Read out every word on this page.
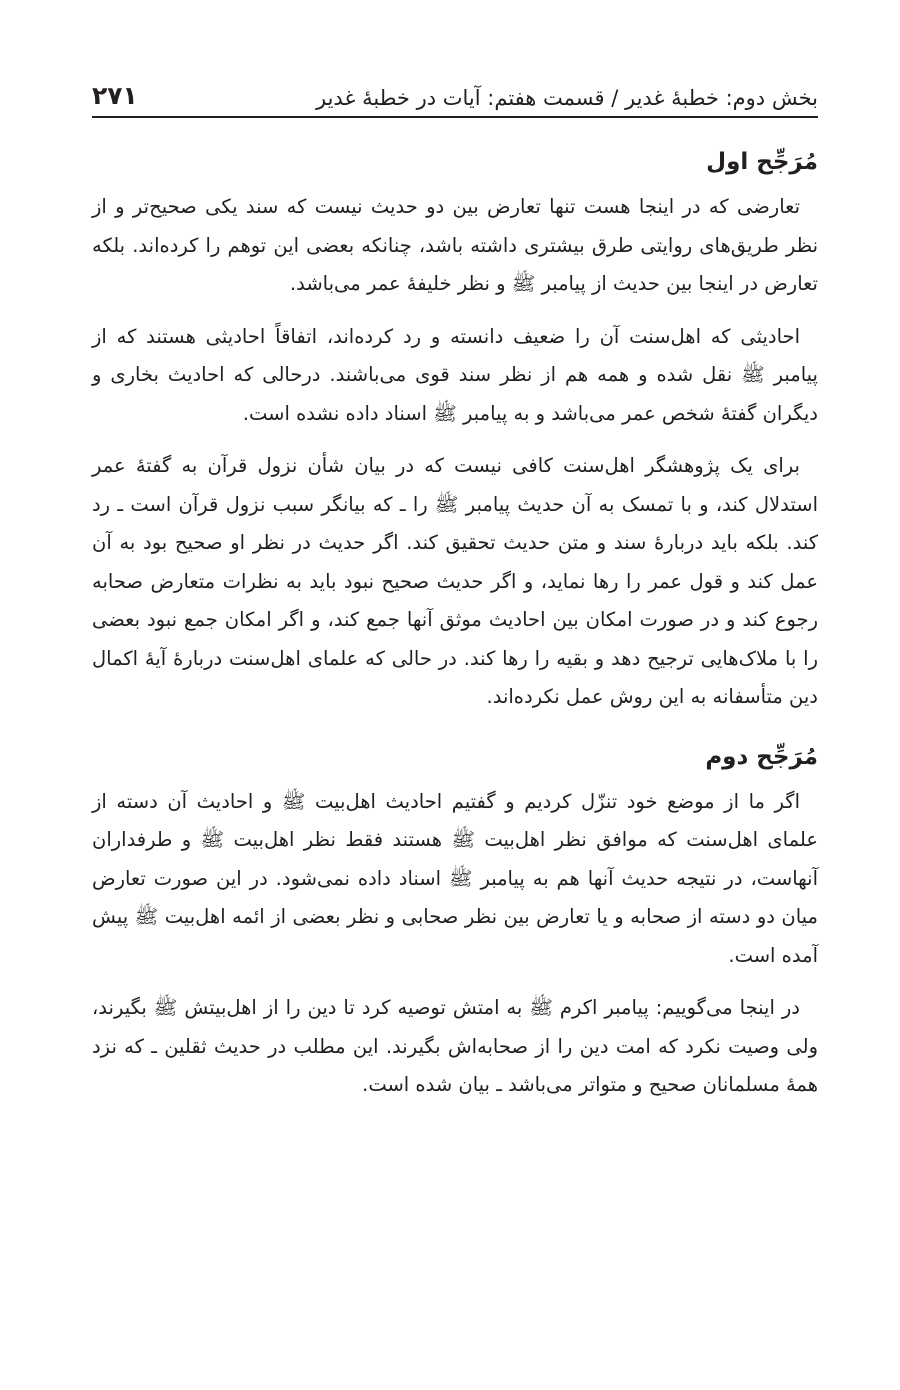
بخش دوم: خطبهٔ غدیر / قسمت هفتم: آیات در خطبهٔ غدیر
۲۷۱
مُرَجِّح اول

تعارضی که در اینجا هست تنها تعارض بین دو حدیث نیست که سند یکی صحیح‌تر و از نظر طریق‌های روایتی طرق بیشتری داشته باشد، چنانکه بعضی این توهم را کرده‌اند. بلکه تعارض در اینجا بین حدیث از پیامبر ﷺ و نظر خلیفهٔ عمر می‌باشد.

احادیثی که اهل‌سنت آن را ضعیف دانسته و رد کرده‌اند، اتفاقاً احادیثی هستند که از پیامبر ﷺ نقل شده و همه هم از نظر سند قوی می‌باشند. درحالی که احادیث بخاری و دیگران گفتهٔ شخص عمر می‌باشد و به پیامبر ﷺ اسناد داده نشده است.

برای یک پژوهشگر اهل‌سنت کافی نیست که در بیان شأن نزول قرآن به گفتهٔ عمر استدلال کند، و با تمسک به آن حدیث پیامبر ﷺ را ـ که بیانگر سبب نزول قرآن است ـ رد کند. بلکه باید دربارهٔ سند و متن حدیث تحقیق کند. اگر حدیث در نظر او صحیح بود به آن عمل کند و قول عمر را رها نماید، و اگر حدیث صحیح نبود باید به نظرات متعارض صحابه رجوع کند و در صورت امکان بین احادیث موثق آنها جمع کند، و اگر امکان جمع نبود بعضی را با ملاک‌هایی ترجیح دهد و بقیه را رها کند. در حالی که علمای اهل‌سنت دربارهٔ آیهٔ اکمال دین متأسفانه به این روش عمل نکرده‌اند.

مُرَجِّح دوم

اگر ما از موضع خود تنزّل کردیم و گفتیم احادیث اهل‌بیت ﷺ و احادیث آن دسته از علمای اهل‌سنت که موافق نظر اهل‌بیت ﷺ هستند فقط نظر اهل‌بیت ﷺ و طرفداران آنهاست، در نتیجه حدیث آنها هم به پیامبر ﷺ اسناد داده نمی‌شود. در این صورت تعارض میان دو دسته از صحابه و یا تعارض بین نظر صحابی و نظر بعضی از ائمه اهل‌بیت ﷺ پیش آمده است.

در اینجا می‌گوییم: پیامبر اکرم ﷺ به امتش توصیه کرد تا دین را از اهل‌بیتش ﷺ بگیرند، ولی وصیت نکرد که امت دین را از صحابه‌اش بگیرند. این مطلب در حدیث ثقلین ـ که نزد همهٔ مسلمانان صحیح و متواتر می‌باشد ـ بیان شده است.
